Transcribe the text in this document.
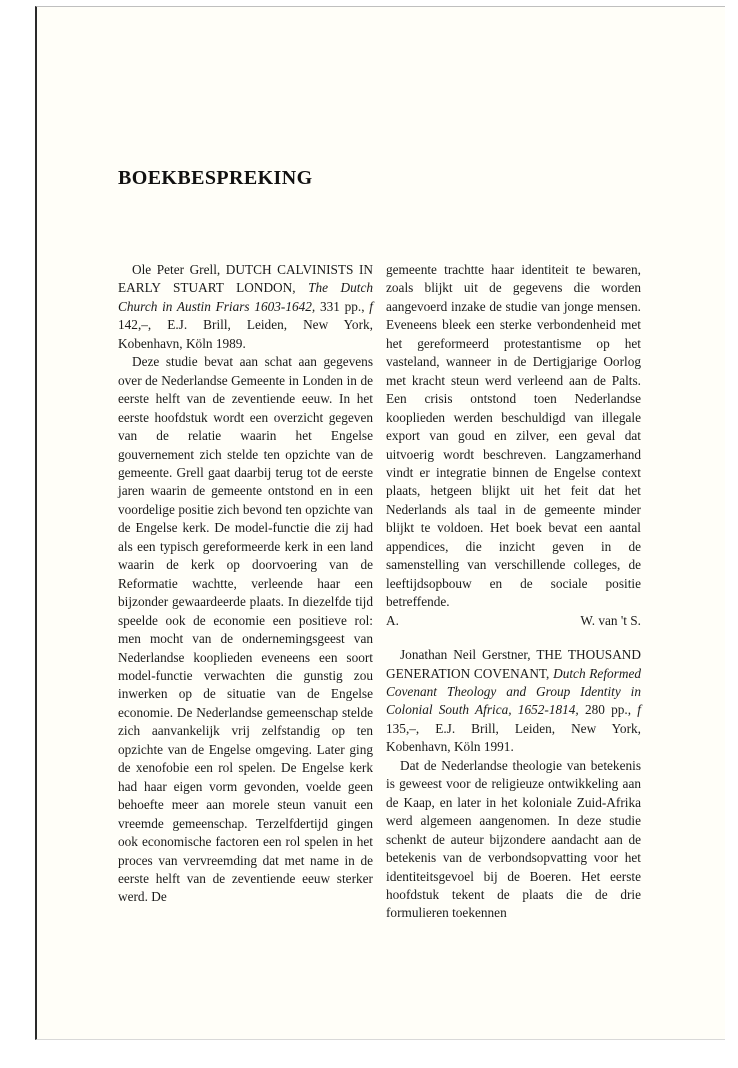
BOEKBESPREKING

Ole Peter Grell, DUTCH CALVINISTS IN EARLY STUART LONDON, The Dutch Church in Austin Friars 1603-1642, 331 pp., f 142,–, E.J. Brill, Leiden, New York, Kobenhavn, Köln 1989.

Deze studie bevat aan schat aan gegevens over de Nederlandse Gemeente in Londen in de eerste helft van de zeventiende eeuw. In het eerste hoofdstuk wordt een overzicht gegeven van de relatie waarin het Engelse gouvernement zich stelde ten opzichte van de gemeente. Grell gaat daarbij terug tot de eerste jaren waarin de gemeente ontstond en in een voordelige positie zich bevond ten opzichte van de Engelse kerk. De model-functie die zij had als een typisch gereformeerde kerk in een land waarin de kerk op doorvoering van de Reformatie wachtte, verleende haar een bijzonder gewaardeerde plaats. In diezelfde tijd speelde ook de economie een positieve rol: men mocht van de ondernemingsgeest van Nederlandse kooplieden eveneens een soort model-functie verwachten die gunstig zou inwerken op de situatie van de Engelse economie. De Nederlandse gemeenschap stelde zich aanvankelijk vrij zelfstandig op ten opzichte van de Engelse omgeving. Later ging de xenofobie een rol spelen. De Engelse kerk had haar eigen vorm gevonden, voelde geen behoefte meer aan morele steun vanuit een vreemde gemeenschap. Terzelfdertijd gingen ook economische factoren een rol spelen in het proces van vervreemding dat met name in de eerste helft van de zeventiende eeuw sterker werd. De

gemeente trachtte haar identiteit te bewaren, zoals blijkt uit de gegevens die worden aangevoerd inzake de studie van jonge mensen. Eveneens bleek een sterke verbondenheid met het gereformeerd protestantisme op het vasteland, wanneer in de Dertigjarige Oorlog met kracht steun werd verleend aan de Palts. Een crisis ontstond toen Nederlandse kooplieden werden beschuldigd van illegale export van goud en zilver, een geval dat uitvoerig wordt beschreven. Langzamerhand vindt er integratie binnen de Engelse context plaats, hetgeen blijkt uit het feit dat het Nederlands als taal in de gemeente minder blijkt te voldoen. Het boek bevat een aantal appendices, die inzicht geven in de samenstelling van verschillende colleges, de leeftijdsopbouw en de sociale positie betreffende.

A.	W. van 't S.

Jonathan Neil Gerstner, THE THOUSAND GENERATION COVENANT, Dutch Reformed Covenant Theology and Group Identity in Colonial South Africa, 1652-1814, 280 pp., f 135,–, E.J. Brill, Leiden, New York, Kobenhavn, Köln 1991.

Dat de Nederlandse theologie van betekenis is geweest voor de religieuze ontwikkeling aan de Kaap, en later in het koloniale Zuid-Afrika werd algemeen aangenomen. In deze studie schenkt de auteur bijzondere aandacht aan de betekenis van de verbondsopvatting voor het identiteitsgevoel bij de Boeren. Het eerste hoofdstuk tekent de plaats die de drie formulieren toekennen
